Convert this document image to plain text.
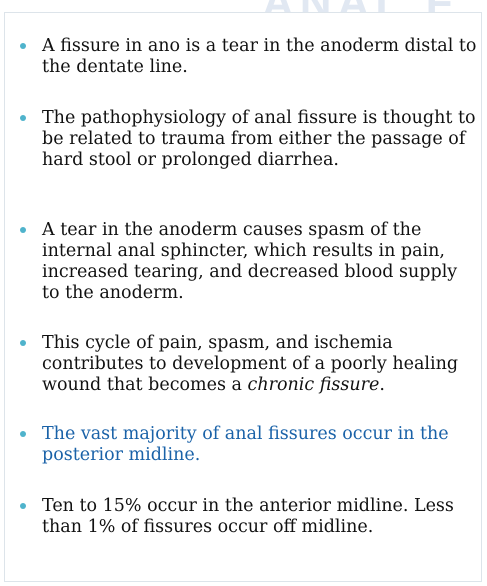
A fissure in ano is a tear in the anoderm distal to the dentate line.

The pathophysiology of anal fissure is thought to be related to trauma from either the passage of hard stool or prolonged diarrhea.

A tear in the anoderm causes spasm of the internal anal sphincter, which results in pain, increased tearing, and decreased blood supply to the anoderm.

This cycle of pain, spasm, and ischemia contributes to development of a poorly healing wound that becomes a chronic fissure.

The vast majority of anal fissures occur in the posterior midline.

Ten to 15% occur in the anterior midline. Less than 1% of fissures occur off midline.
